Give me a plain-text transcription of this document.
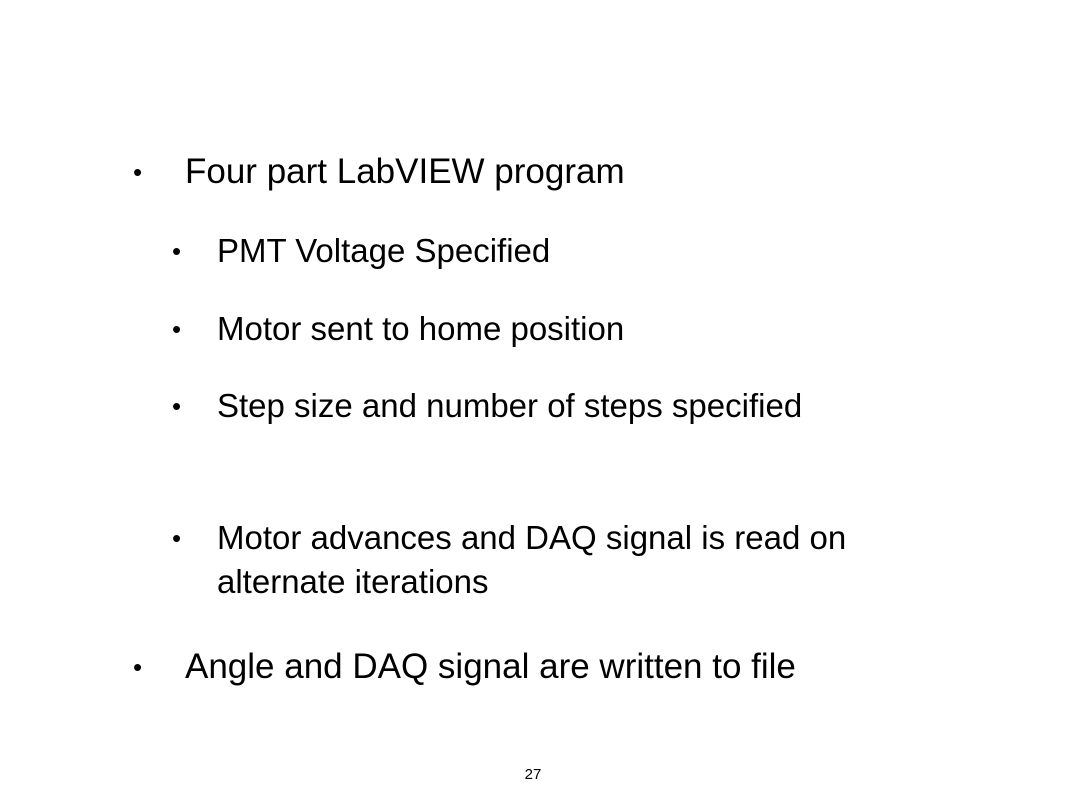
• Four part LabVIEW program
• PMT Voltage Specified
• Motor sent to home position
• Step size and number of steps specified
• Motor advances and DAQ signal is read on alternate iterations
• Angle and DAQ signal are written to file
27
